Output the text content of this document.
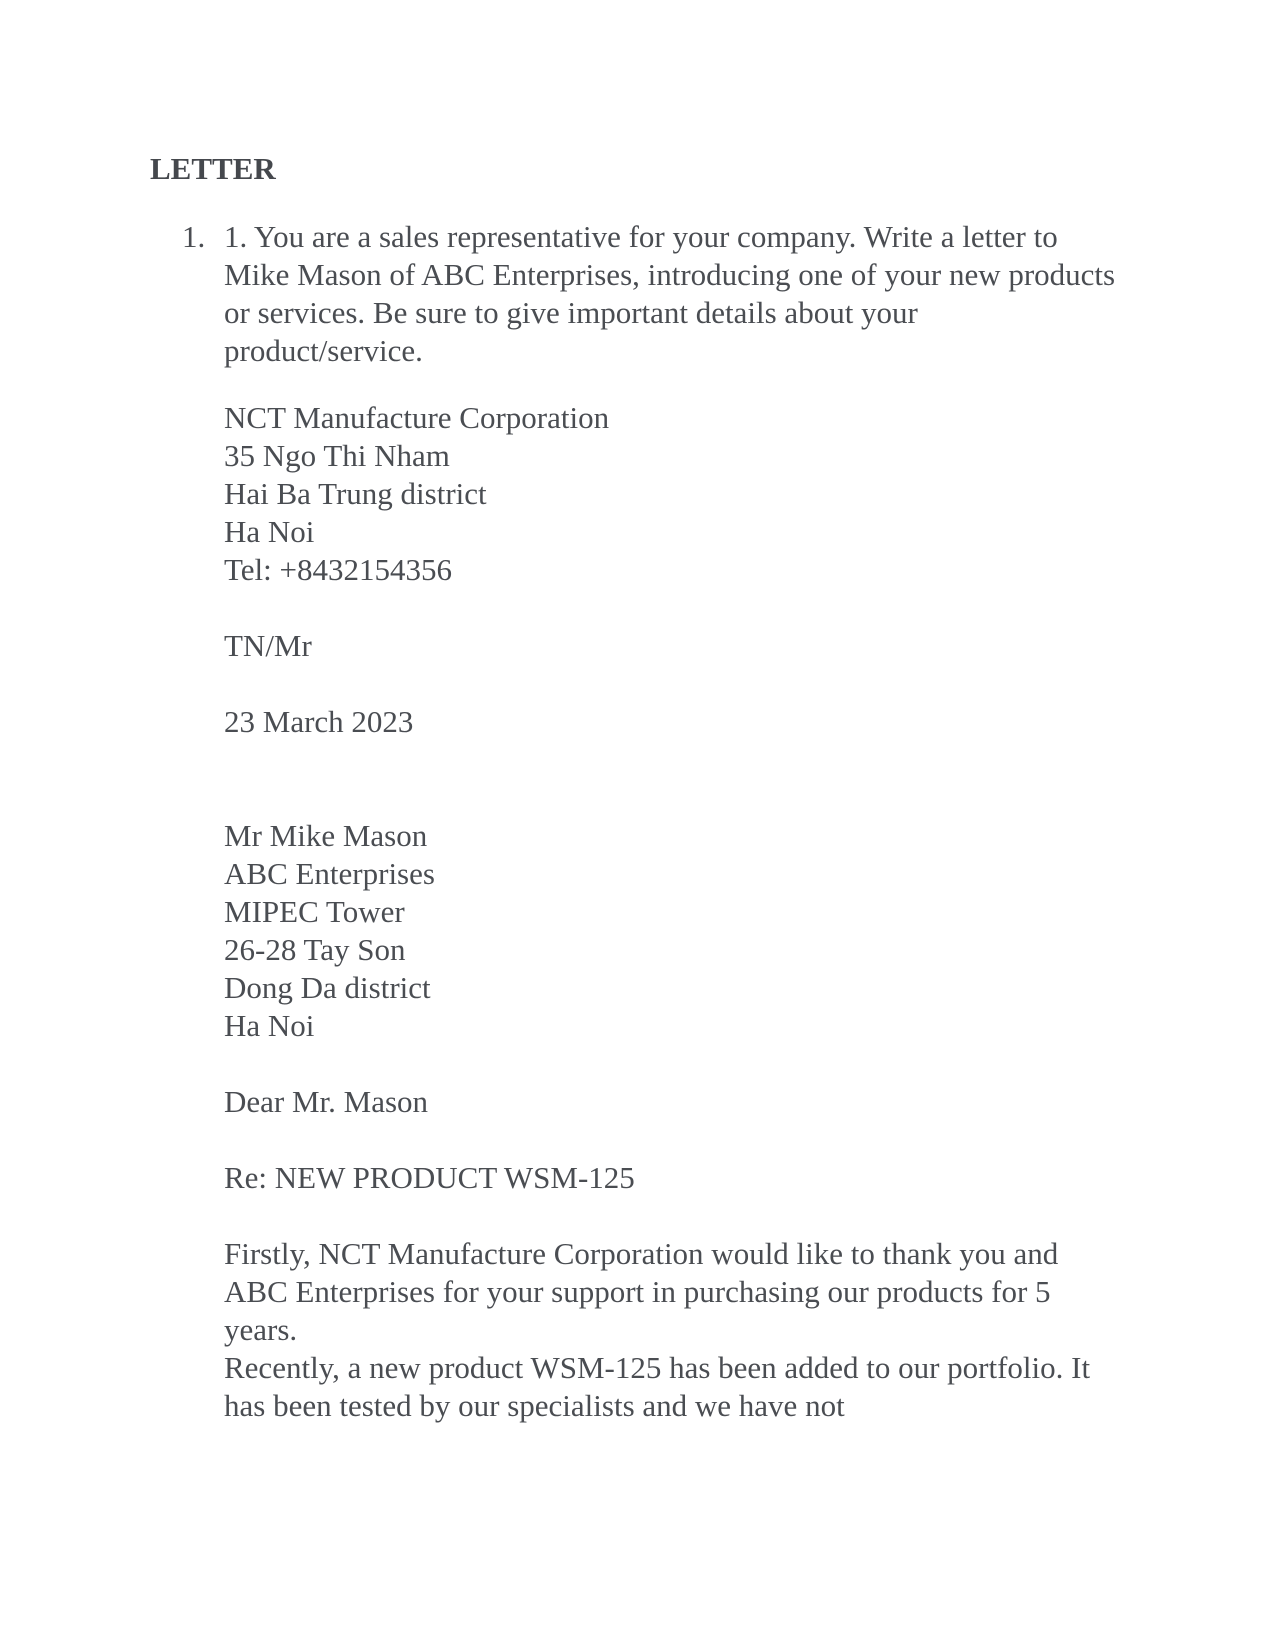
LETTER
1. 1. You are a sales representative for your company. Write a letter to Mike Mason of ABC Enterprises, introducing one of your new products or services. Be sure to give important details about your product/service.

NCT Manufacture Corporation
35 Ngo Thi Nham
Hai Ba Trung district
Ha Noi
Tel: +8432154356

TN/Mr

23 March 2023

Mr Mike Mason
ABC Enterprises
MIPEC Tower
26-28 Tay Son
Dong Da district
Ha Noi

Dear Mr. Mason

Re: NEW PRODUCT WSM-125

Firstly, NCT Manufacture Corporation would like to thank you and ABC Enterprises for your support in purchasing our products for 5 years.

Recently, a new product WSM-125 has been added to our portfolio. It has been tested by our specialists and we have not
